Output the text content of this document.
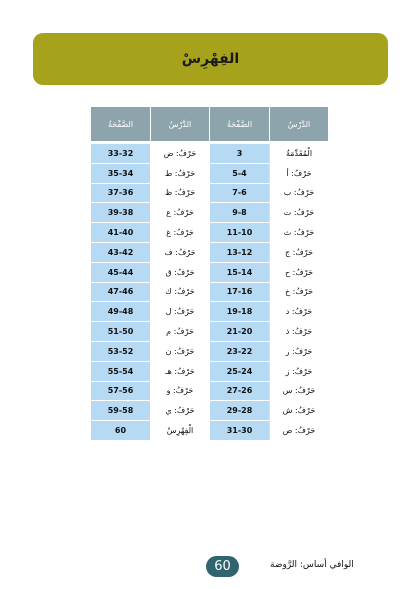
الفِهْرِسْ
الدَّرْسُ	الصَّفْحَةُ	الدَّرْسُ	الصَّفْحَةُ
الْمُقَدِّمَةُ	3	حَرْفُ: ض	33-32
حَرْفُ: أ	5-4	حَرْفُ: ط	35-34
حَرْفُ: ب	7-6	حَرْفُ: ظ	37-36
حَرْفُ: ت	9-8	حَرْفُ: ع	39-38
حَرْفُ: ث	11-10	حَرْفُ: غ	41-40
حَرْفُ: ج	13-12	حَرْفُ: ف	43-42
حَرْفُ: ح	15-14	حَرْفُ: ق	45-44
حَرْفُ: خ	17-16	حَرْفُ: ك	47-46
حَرْفُ: د	19-18	حَرْفُ: ل	49-48
حَرْفُ: ذ	21-20	حَرْفُ: م	51-50
حَرْفُ: ر	23-22	حَرْفُ: ن	53-52
حَرْفُ: ز	25-24	حَرْفُ: هـ	55-54
حَرْفُ: س	27-26	حَرْفُ: و	57-56
حَرْفُ: ش	29-28	حَرْفُ: ي	59-58
حَرْفُ: ص	31-30	الْفِهْرِسْ	60
60	الوافي أساس: الرَّوضة
